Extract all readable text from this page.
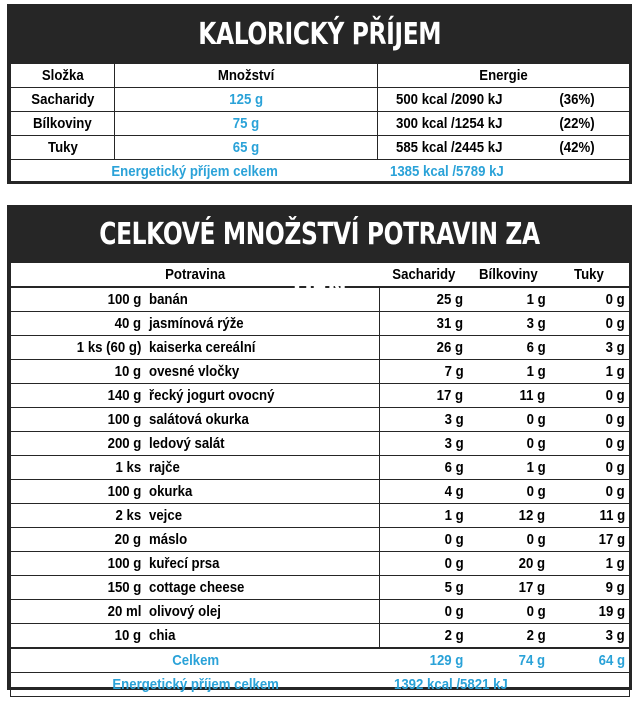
KALORICKÝ PŘÍJEM
Složka	Množství	Energie
Sacharidy	125 g	500 kcal /2090 kJ (36%)
Bílkoviny	75 g	300 kcal /1254 kJ (22%)
Tuky	65 g	585 kcal /2445 kJ (42%)
Energetický příjem celkem		1385 kcal /5789 kJ
CELKOVÉ MNOŽSTVÍ POTRAVIN ZA DEN
Potravina	Sacharidy	Bílkoviny	Tuky
100 g	banán	25 g	1 g	0 g
40 g	jasmínová rýže	31 g	3 g	0 g
1 ks (60 g)	kaiserka cereální	26 g	6 g	3 g
10 g	ovesné vločky	7 g	1 g	1 g
140 g	řecký jogurt ovocný	17 g	11 g	0 g
100 g	salátová okurka	3 g	0 g	0 g
200 g	ledový salát	3 g	0 g	0 g
1 ks	rajče	6 g	1 g	0 g
100 g	okurka	4 g	0 g	0 g
2 ks	vejce	1 g	12 g	11 g
20 g	máslo	0 g	0 g	17 g
100 g	kuřecí prsa	0 g	20 g	1 g
150 g	cottage cheese	5 g	17 g	9 g
20 ml	olivový olej	0 g	0 g	19 g
10 g	chia	2 g	2 g	3 g
Celkem	129 g	74 g	64 g
Energetický příjem celkem	1392 kcal /5821 kJ		
